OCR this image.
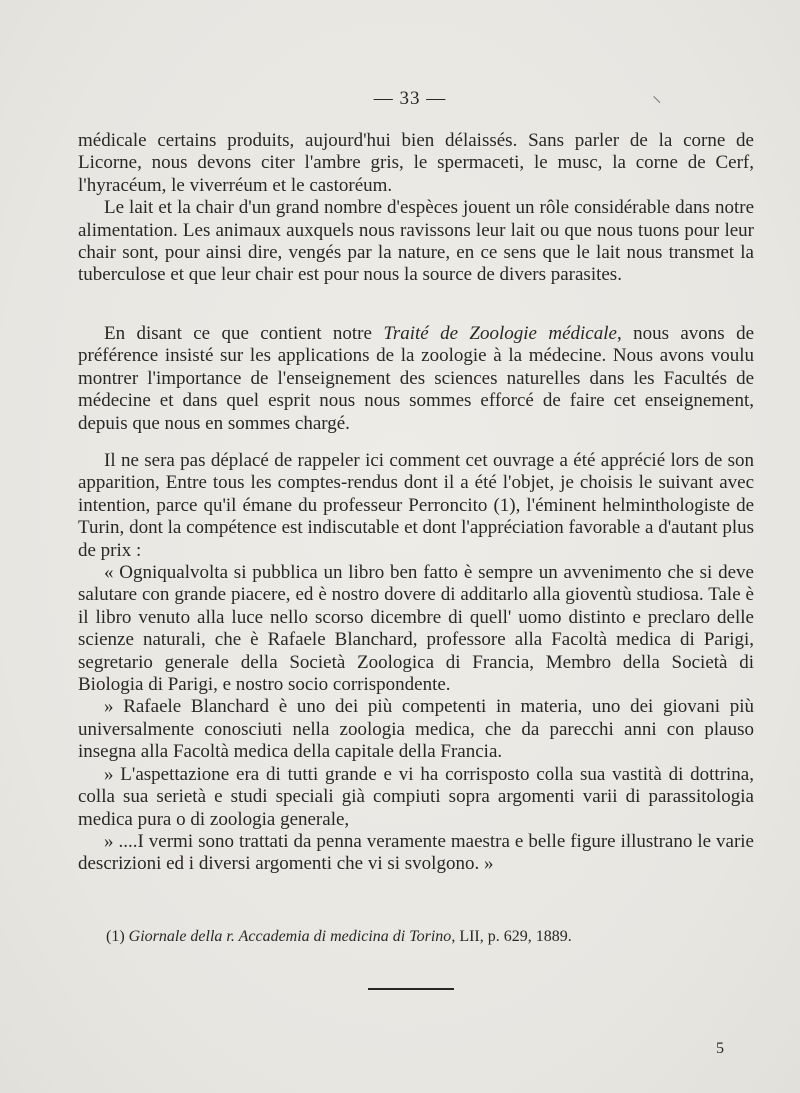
— 33 —

médicale certains produits, aujourd'hui bien délaissés. Sans parler de la corne de Licorne, nous devons citer l'ambre gris, le spermaceti, le musc, la corne de Cerf, l'hyracéum, le viverréum et le castoréum.

Le lait et la chair d'un grand nombre d'espèces jouent un rôle considérable dans notre alimentation. Les animaux auxquels nous ravissons leur lait ou que nous tuons pour leur chair sont, pour ainsi dire, vengés par la nature, en ce sens que le lait nous transmet la tuberculose et que leur chair est pour nous la source de divers parasites.

En disant ce que contient notre Traité de Zoologie médicale, nous avons de préférence insisté sur les applications de la zoologie à la médecine. Nous avons voulu montrer l'importance de l'enseignement des sciences naturelles dans les Facultés de médecine et dans quel esprit nous nous sommes efforcé de faire cet enseignement, depuis que nous en sommes chargé.

Il ne sera pas déplacé de rappeler ici comment cet ouvrage a été apprécié lors de son apparition, Entre tous les comptes-rendus dont il a été l'objet, je choisis le suivant avec intention, parce qu'il émane du professeur Perroncito (1), l'éminent helminthologiste de Turin, dont la compétence est indiscutable et dont l'appréciation favorable a d'autant plus de prix :

« Ogniqualvolta si pubblica un libro ben fatto è sempre un avvenimento che si deve salutare con grande piacere, ed è nostro dovere di additarlo alla gioventù studiosa. Tale è il libro venuto alla luce nello scorso dicembre di quell' uomo distinto e preclaro delle scienze naturali, che è Rafaele Blanchard, professore alla Facoltà medica di Parigi, segretario generale della Società Zoologica di Francia, Membro della Società di Biologia di Parigi, e nostro socio corrispondente.

» Rafaele Blanchard è uno dei più competenti in materia, uno dei giovani più universalmente conosciuti nella zoologia medica, che da parecchi anni con plauso insegna alla Facoltà medica della capitale della Francia.

» L'aspettazione era di tutti grande e vi ha corrisposto colla sua vastità di dottrina, colla sua serietà e studi speciali già compiuti sopra argomenti varii di parassitologia medica pura o di zoologia generale,

» ....I vermi sono trattati da penna veramente maestra e belle figure illustrano le varie descrizioni ed i diversi argomenti che vi si svolgono. »

(1) Giornale della r. Accademia di medicina di Torino, LII, p. 629, 1889.
5
